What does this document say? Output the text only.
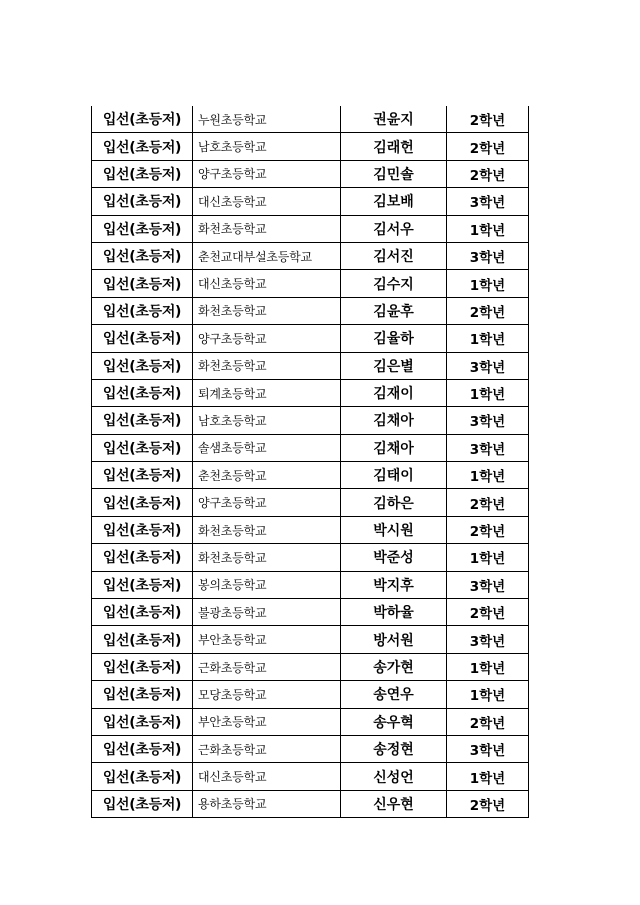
입선(초등저)	누원초등학교	권윤지	2학년
입선(초등저)	남호초등학교	김래헌	2학년
입선(초등저)	양구초등학교	김민솔	2학년
입선(초등저)	대신초등학교	김보배	3학년
입선(초등저)	화천초등학교	김서우	1학년
입선(초등저)	춘천교대부설초등학교	김서진	3학년
입선(초등저)	대신초등학교	김수지	1학년
입선(초등저)	화천초등학교	김윤후	2학년
입선(초등저)	양구초등학교	김율하	1학년
입선(초등저)	화천초등학교	김은별	3학년
입선(초등저)	퇴계초등학교	김재이	1학년
입선(초등저)	남호초등학교	김채아	3학년
입선(초등저)	솔샘초등학교	김채아	3학년
입선(초등저)	춘천초등학교	김태이	1학년
입선(초등저)	양구초등학교	김하은	2학년
입선(초등저)	화천초등학교	박시원	2학년
입선(초등저)	화천초등학교	박준성	1학년
입선(초등저)	봉의초등학교	박지후	3학년
입선(초등저)	불광초등학교	박하율	2학년
입선(초등저)	부안초등학교	방서원	3학년
입선(초등저)	근화초등학교	송가현	1학년
입선(초등저)	모당초등학교	송연우	1학년
입선(초등저)	부안초등학교	송우혁	2학년
입선(초등저)	근화초등학교	송정현	3학년
입선(초등저)	대신초등학교	신성언	1학년
입선(초등저)	용하초등학교	신우현	2학년
